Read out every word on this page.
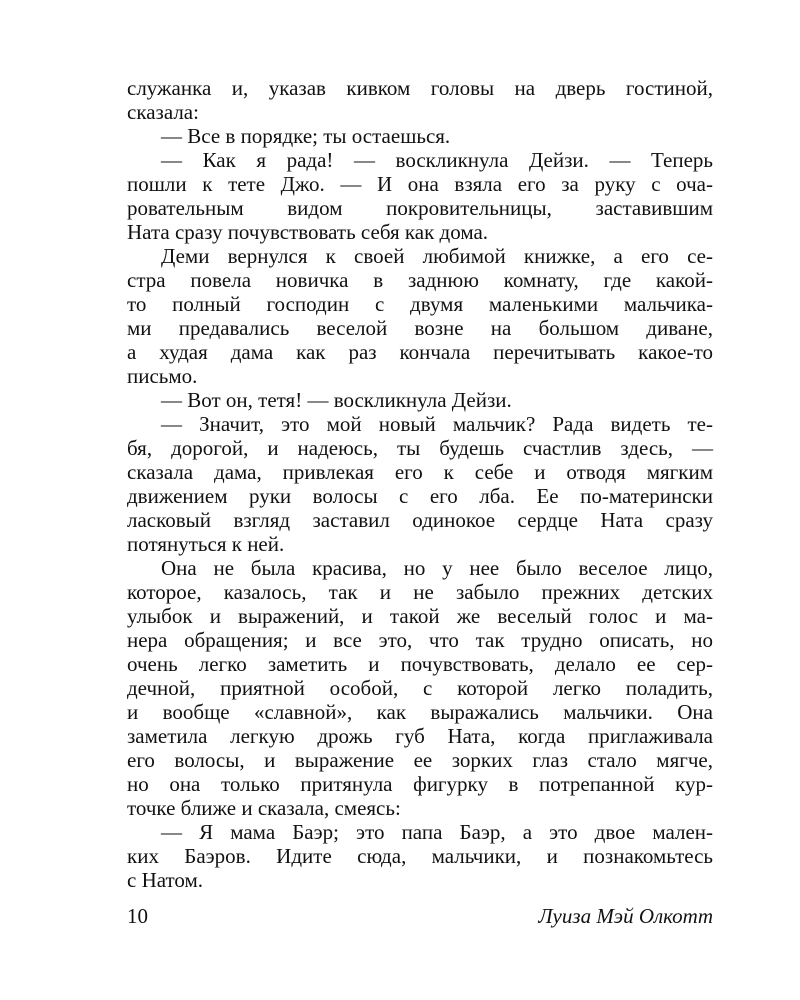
служанка и, указав кивком головы на дверь гостиной,
сказала:
— Все в порядке; ты остаешься.
— Как я рада! — воскликнула Дейзи. — Теперь
пошли к тете Джо. — И она взяла его за руку с оча-
ровательным видом покровительницы, заставившим
Ната сразу почувствовать себя как дома.
Деми вернулся к своей любимой книжке, а его се-
стра повела новичка в заднюю комнату, где какой-
то полный господин с двумя маленькими мальчика-
ми предавались веселой возне на большом диване,
а худая дама как раз кончала перечитывать какое-то
письмо.
— Вот он, тетя! — воскликнула Дейзи.
— Значит, это мой новый мальчик? Рада видеть те-
бя, дорогой, и надеюсь, ты будешь счастлив здесь, —
сказала дама, привлекая его к себе и отводя мягким
движением руки волосы с его лба. Ее по-матерински
ласковый взгляд заставил одинокое сердце Ната сразу
потянуться к ней.
Она не была красива, но у нее было веселое лицо,
которое, казалось, так и не забыло прежних детских
улыбок и выражений, и такой же веселый голос и ма-
нера обращения; и все это, что так трудно описать, но
очень легко заметить и почувствовать, делало ее сер-
дечной, приятной особой, с которой легко поладить,
и вообще «славной», как выражались мальчики. Она
заметила легкую дрожь губ Ната, когда приглаживала
его волосы, и выражение ее зорких глаз стало мягче,
но она только притянула фигурку в потрепанной кур-
точке ближе и сказала, смеясь:
— Я мама Баэр; это папа Баэр, а это двое мален-
ких Баэров. Идите сюда, мальчики, и познакомьтесь
с Натом.
10	Луиза Мэй Олкотт
